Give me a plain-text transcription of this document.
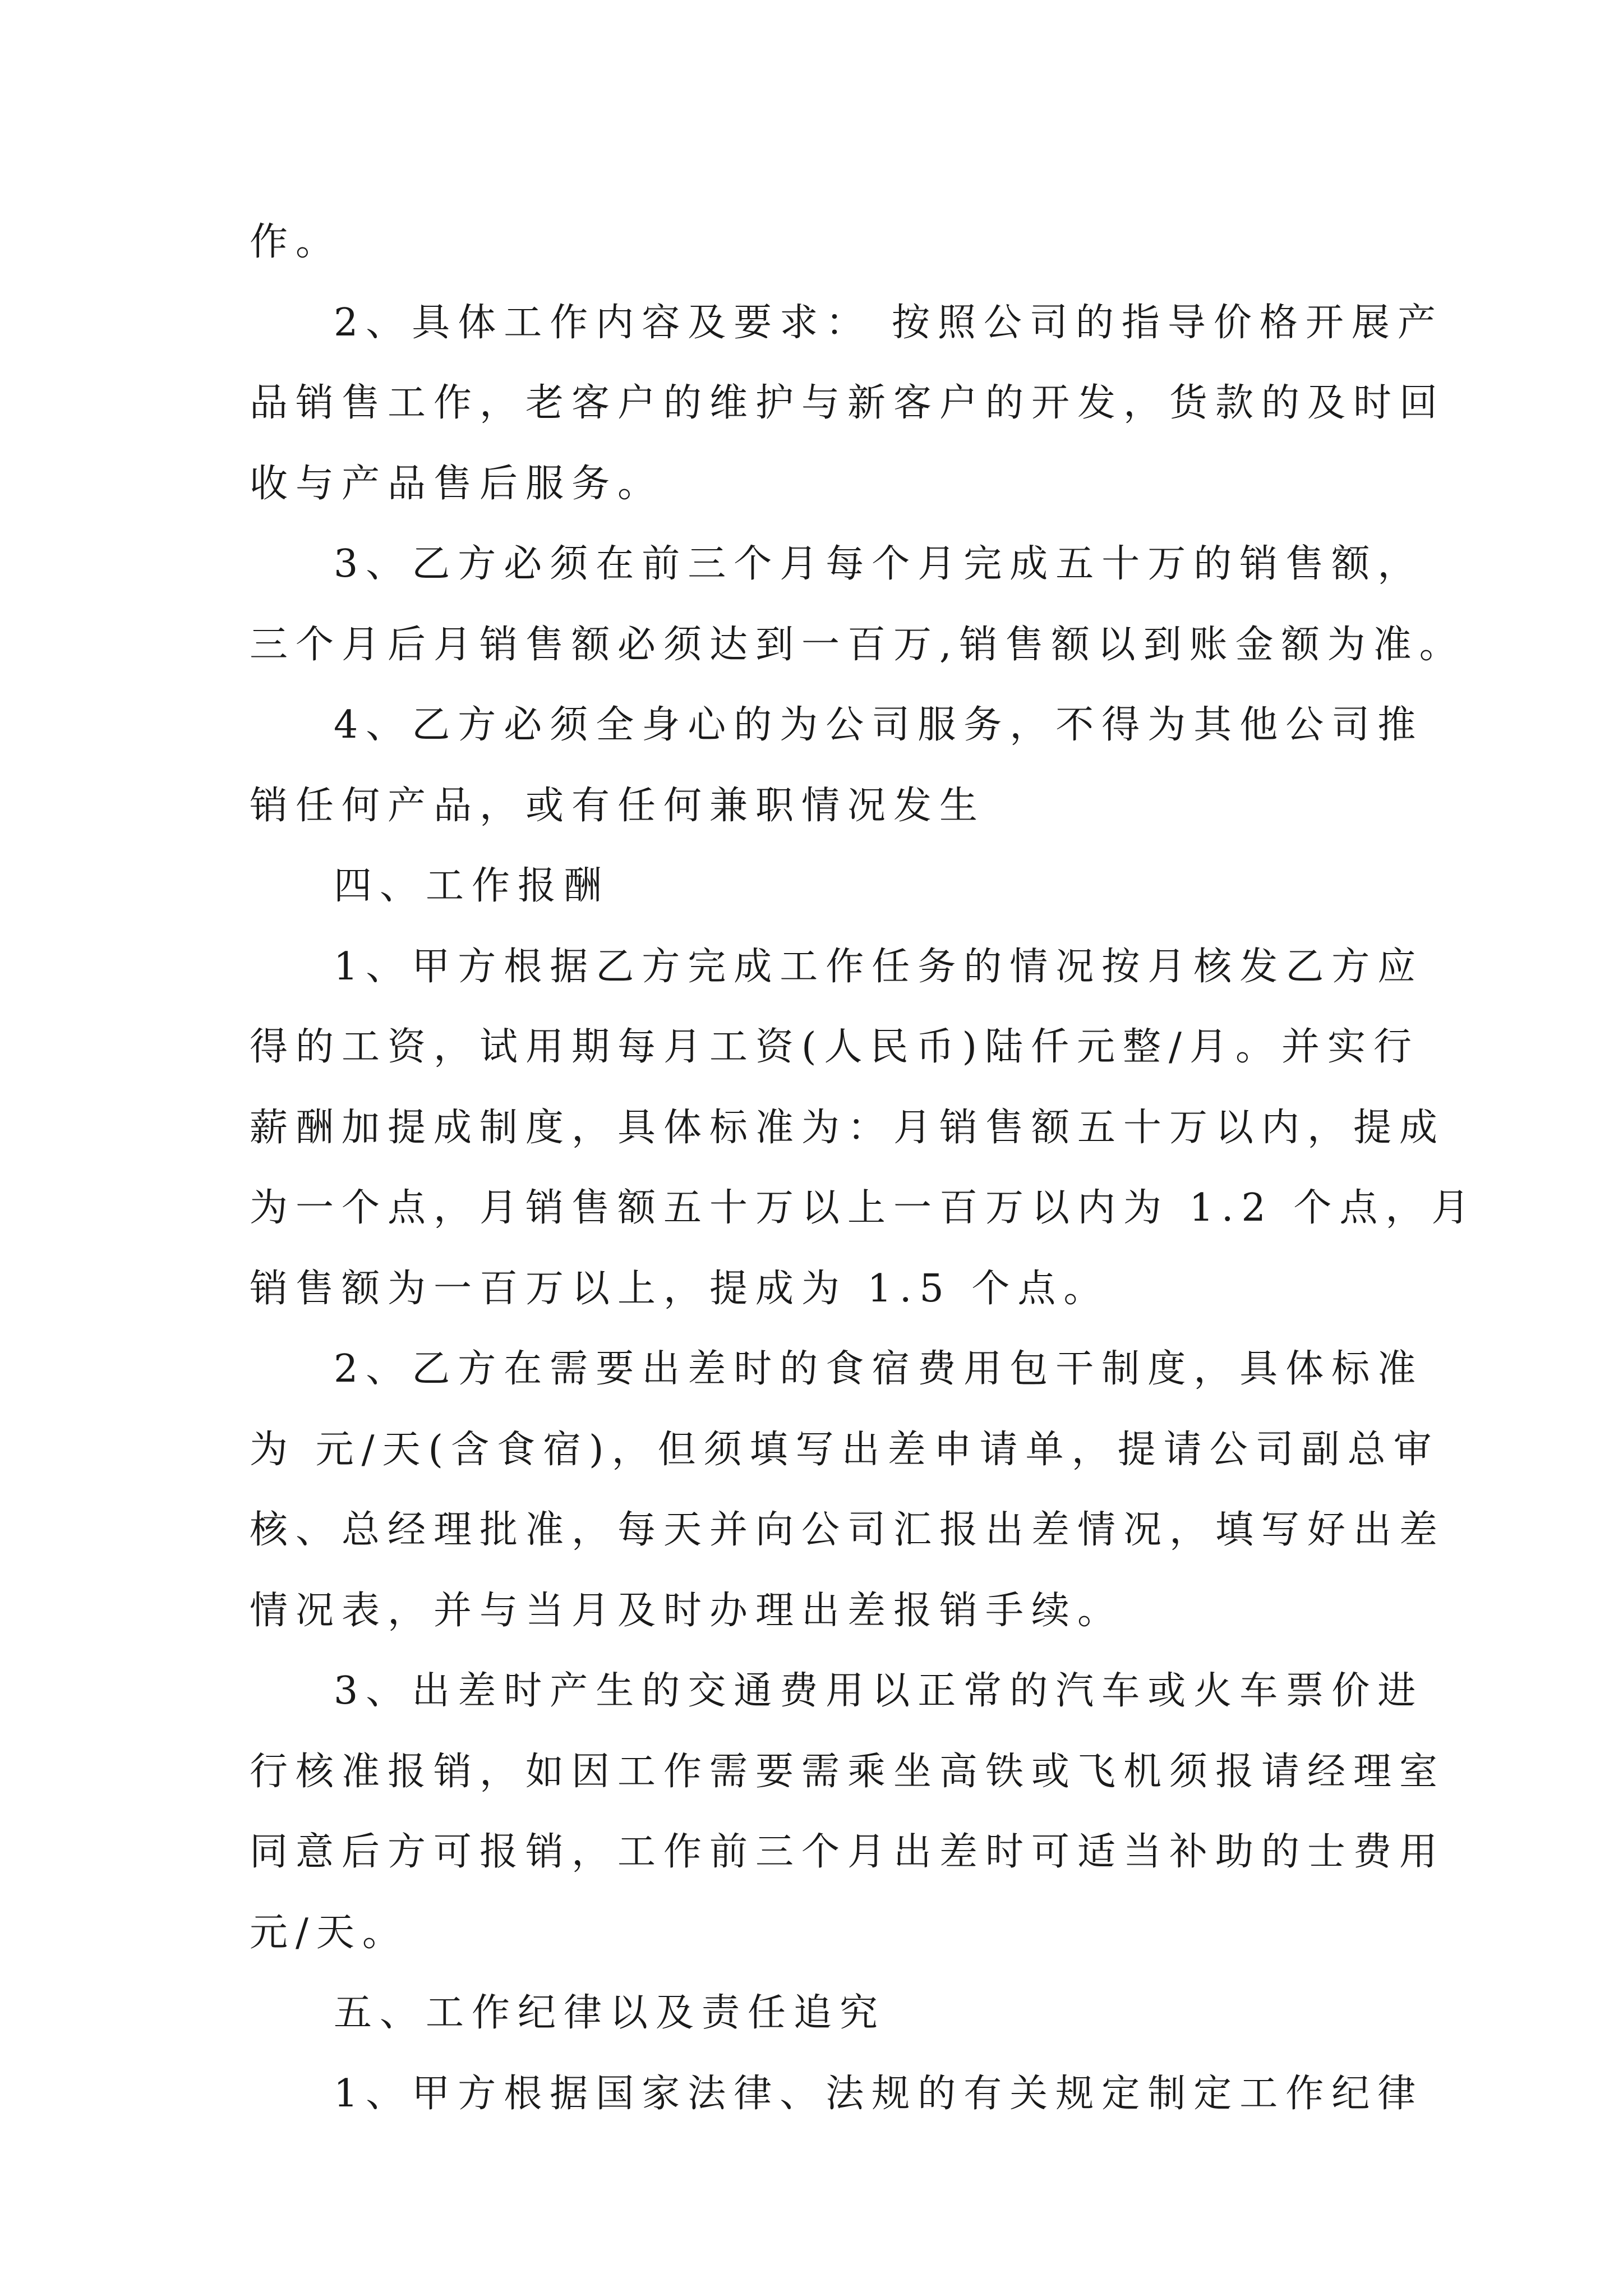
作。
2、具体工作内容及要求： 按照公司的指导价格开展产
品销售工作，老客户的维护与新客户的开发，货款的及时回
收与产品售后服务。
3、乙方必须在前三个月每个月完成五十万的销售额，
三个月后月销售额必须达到一百万,销售额以到账金额为准。
4、乙方必须全身心的为公司服务，不得为其他公司推
销任何产品，或有任何兼职情况发生
四、工作报酬
1、甲方根据乙方完成工作任务的情况按月核发乙方应
得的工资，试用期每月工资(人民币)陆仟元整/月。并实行
薪酬加提成制度，具体标准为：月销售额五十万以内，提成
为一个点，月销售额五十万以上一百万以内为 1.2 个点，月
销售额为一百万以上，提成为 1.5 个点。
2、乙方在需要出差时的食宿费用包干制度，具体标准
为 元/天(含食宿)，但须填写出差申请单，提请公司副总审
核、总经理批准，每天并向公司汇报出差情况，填写好出差
情况表，并与当月及时办理出差报销手续。
3、出差时产生的交通费用以正常的汽车或火车票价进
行核准报销，如因工作需要需乘坐高铁或飞机须报请经理室
同意后方可报销，工作前三个月出差时可适当补助的士费用
元/天。
五、工作纪律以及责任追究
1、甲方根据国家法律、法规的有关规定制定工作纪律
